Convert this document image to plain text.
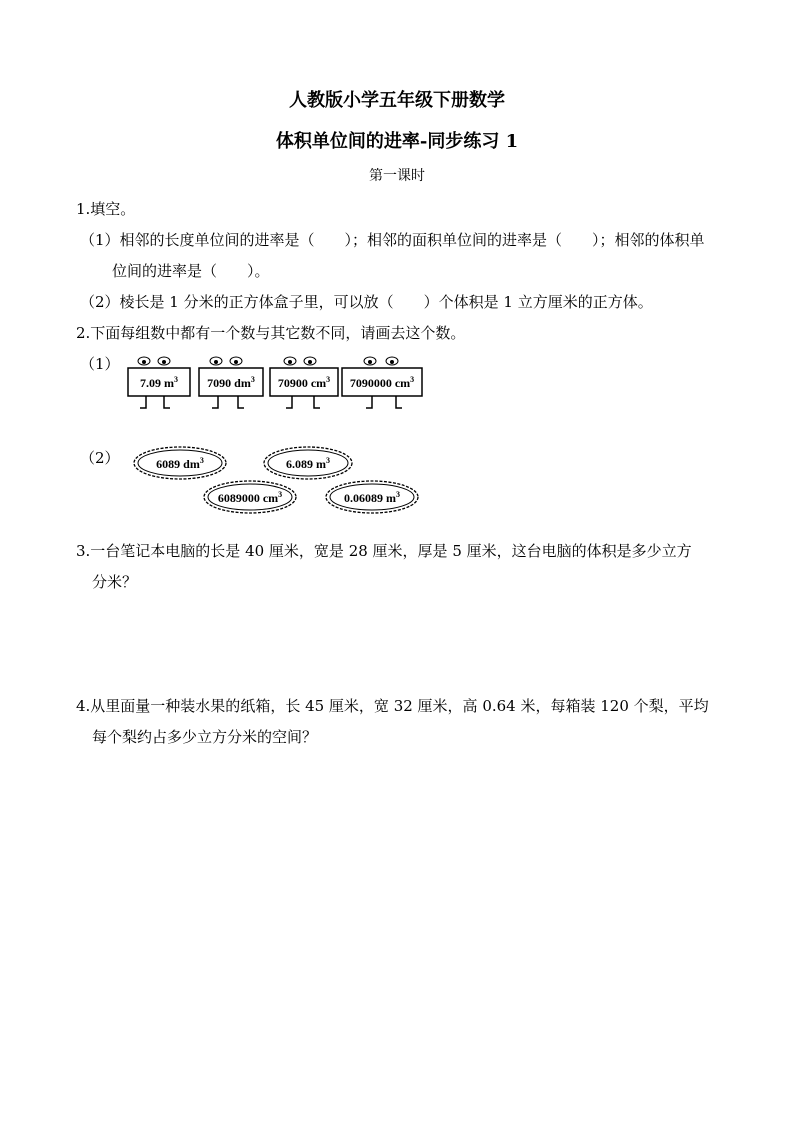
人教版小学五年级下册数学
体积单位间的进率-同步练习 1
第一课时
1.填空。
（1）相邻的长度单位间的进率是（　　）；相邻的面积单位间的进率是（　　）；相邻的体积单
位间的进率是（　　）。
（2）棱长是 1 分米的正方体盒子里，可以放（　　）个体积是 1 立方厘米的正方体。
2.下面每组数中都有一个数与其它数不同，请画去这个数。
（1）
7.09 $m^3$	7090 $dm^3$	70900 $cm^3$	7090000 $cm^3$
（2）	6089 $dm^3$	6.089 $m^3$
6089000 $cm^3$	0.06089 $m^3$
3.一台笔记本电脑的长是 40 厘米，宽是 28 厘米，厚是 5 厘米，这台电脑的体积是多少立方
分米？
4.从里面量一种装水果的纸箱，长 45 厘米，宽 32 厘米，高 0.64 米，每箱装 120 个梨，平均
每个梨约占多少立方分米的空间？
